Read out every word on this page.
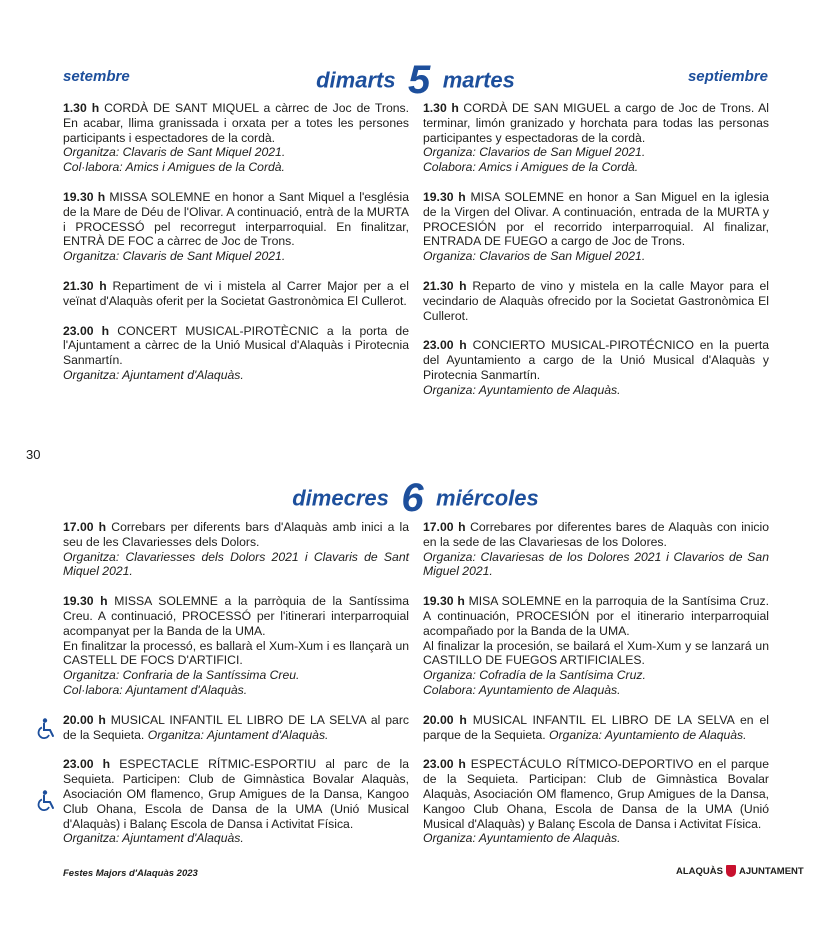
setembre	septiembre
dimarts 5 martes

1.30 h CORDÀ DE SANT MIQUEL a càrrec de Joc de Trons. En acabar, llima granissada i orxata per a totes les persones participants i espectadores de la cordà.

Organitza: Clavaris de Sant Miquel 2021.
Col·labora: Amics i Amigues de la Cordà.

19.30 h MISSA SOLEMNE en honor a Sant Miquel a l'església de la Mare de Déu de l'Olivar. A continuació, entrà de la MURTA i PROCESSÓ pel recorregut interparroquial. En finalitzar, ENTRÀ DE FOC a càrrec de Joc de Trons.

Organitza: Clavaris de Sant Miquel 2021.

21.30 h Repartiment de vi i mistela al Carrer Major per a el veïnat d'Alaquàs oferit per la Societat Gastronòmica El Cullerot.

23.00 h CONCERT MUSICAL-PIROTÈCNIC a la porta de l'Ajuntament a càrrec de la Unió Musical d'Alaquàs i Pirotecnia Sanmartín.

Organitza: Ajuntament d'Alaquàs.

1.30 h CORDÀ DE SAN MIGUEL a cargo de Joc de Trons. Al terminar, limón granizado y horchata para todas las personas participantes y espectadoras de la cordà.

Organiza: Clavarios de San Miguel 2021.
Colabora: Amics i Amigues de la Cordà.

19.30 h MISA SOLEMNE en honor a San Miguel en la iglesia de la Virgen del Olivar. A continuación, entrada de la MURTA y PROCESIÓN por el recorrido interparroquial. Al finalizar, ENTRADA DE FUEGO a cargo de Joc de Trons.

Organiza: Clavarios de San Miguel 2021.

21.30 h Reparto de vino y mistela en la calle Mayor para el vecindario de Alaquàs ofrecido por la Societat Gastronòmica El Cullerot.

23.00 h CONCIERTO MUSICAL-PIROTÉCNICO en la puerta del Ayuntamiento a cargo de la Unió Musical d'Alaquàs y Pirotecnia Sanmartín.

Organiza: Ayuntamiento de Alaquàs.
30
dimecres 6 miércoles

17.00 h Correbars per diferents bars d'Alaquàs amb inici a la seu de les Clavariesses dels Dolors.

Organitza: Clavariesses dels Dolors 2021 i Clavaris de Sant Miquel 2021.

19.30 h MISSA SOLEMNE a la parròquia de la Santíssima Creu. A continuació, PROCESSÓ per l'itinerari interparroquial acompanyat per la Banda de la UMA.

En finalitzar la processó, es ballarà el Xum-Xum i es llançarà un CASTELL DE FOCS D'ARTIFICI.

Organitza: Confraria de la Santíssima Creu.
Col·labora: Ajuntament d'Alaquàs.

20.00 h MUSICAL INFANTIL EL LIBRO DE LA SELVA al parc de la Sequieta. Organitza: Ajuntament d'Alaquàs.

23.00 h ESPECTACLE RÍTMIC-ESPORTIU al parc de la Sequieta. Participen: Club de Gimnàstica Bovalar Alaquàs, Asociación OM flamenco, Grup Amigues de la Dansa, Kangoo Club Ohana, Escola de Dansa de la UMA (Unió Musical d'Alaquàs) i Balanç Escola de Dansa i Activitat Física.

Organitza: Ajuntament d'Alaquàs.

17.00 h Correbares por diferentes bares de Alaquàs con inicio en la sede de las Clavariesas de los Dolores.

Organiza: Clavariesas de los Dolores 2021 i Clavarios de San Miguel 2021.

19.30 h MISA SOLEMNE en la parroquia de la Santísima Cruz. A continuación, PROCESIÓN por el itinerario interparroquial acompañado por la Banda de la UMA.

Al finalizar la procesión, se bailará el Xum-Xum y se lanzará un CASTILLO DE FUEGOS ARTIFICIALES.

Organiza: Cofradía de la Santísima Cruz.
Colabora: Ayuntamiento de Alaquàs.

20.00 h MUSICAL INFANTIL EL LIBRO DE LA SELVA en el parque de la Sequieta. Organiza: Ayuntamiento de Alaquàs.

23.00 h ESPECTÁCULO RÍTMICO-DEPORTIVO en el parque de la Sequieta. Participan: Club de Gimnàstica Bovalar Alaquàs, Asociación OM flamenco, Grup Amigues de la Dansa, Kangoo Club Ohana, Escola de Dansa de la UMA (Unió Musical d'Alaquàs) y Balanç Escola de Dansa i Activitat Física.

Organiza: Ayuntamiento de Alaquàs.
Festes Majors d'Alaquàs 2023	ALAQUÀS AJUNTAMENT
